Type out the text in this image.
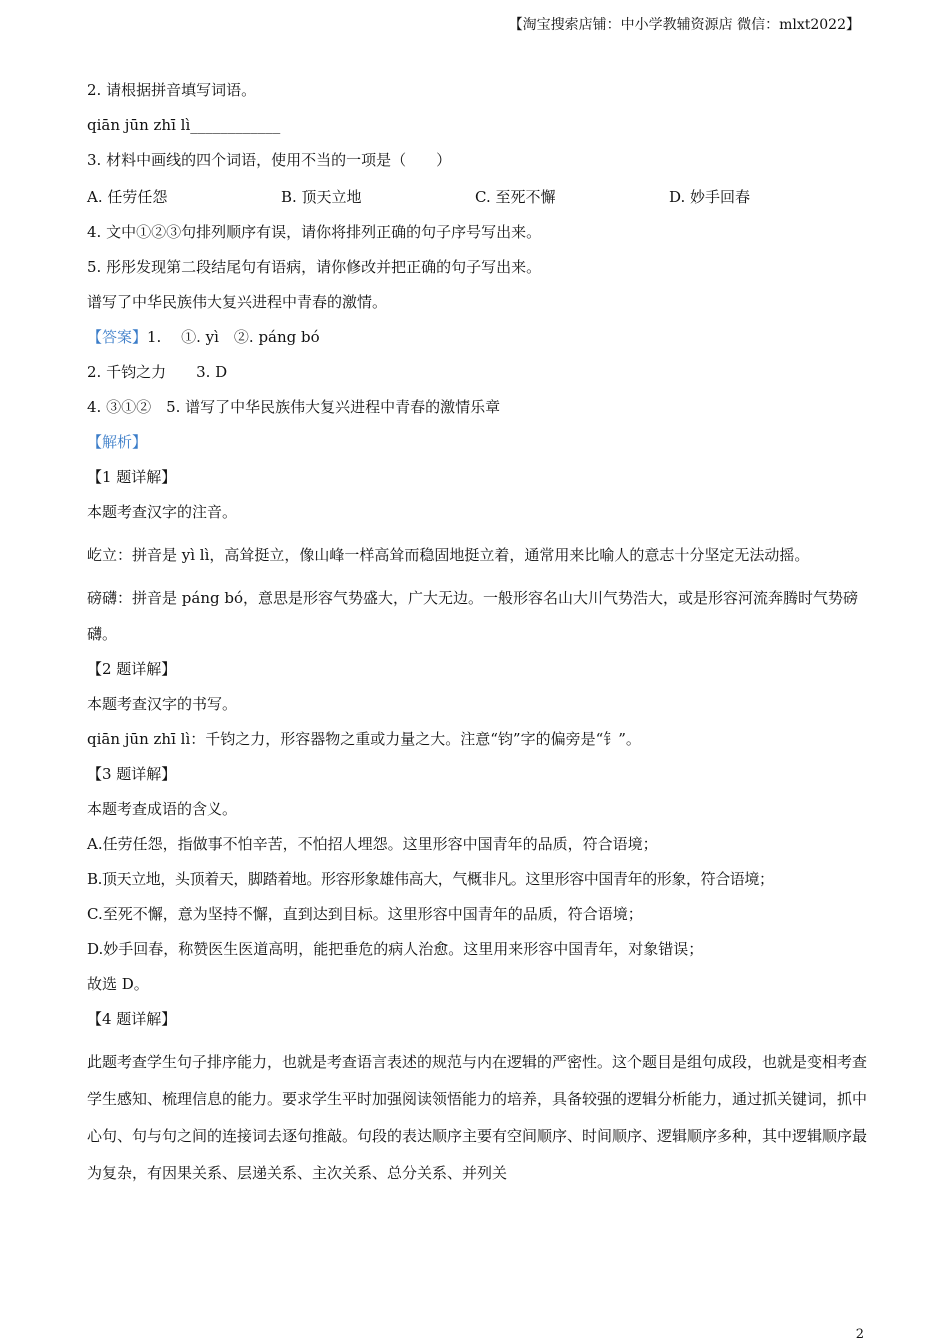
【淘宝搜索店铺：中小学教辅资源店 微信：mlxt2022】

2. 请根据拼音填写词语。

qiān jūn zhī lì____________

3. 材料中画线的四个词语，使用不当的一项是（　　）

A. 任劳任怨	B. 顶天立地	C. 至死不懈	D. 妙手回春

4. 文中①②③句排列顺序有误，请你将排列正确的句子序号写出来。

5. 彤彤发现第二段结尾句有语病，请你修改并把正确的句子写出来。

谱写了中华民族伟大复兴进程中青春的激情。

【答案】1.　 ①. yì　②. páng bó

2. 千钧之力　　3. D

4. ③①②　5. 谱写了中华民族伟大复兴进程中青春的激情乐章

【解析】

【1 题详解】

本题考查汉字的注音。

屹立：拼音是 yì lì，高耸挺立，像山峰一样高耸而稳固地挺立着，通常用来比喻人的意志十分坚定无法动摇。

磅礴：拼音是 páng bó，意思是形容气势盛大，广大无边。一般形容名山大川气势浩大，或是形容河流奔腾时气势磅礴。

【2 题详解】

本题考查汉字的书写。

qiān jūn zhī lì：千钧之力，形容器物之重或力量之大。注意“钧”字的偏旁是“钅”。

【3 题详解】

本题考查成语的含义。

A.任劳任怨，指做事不怕辛苦，不怕招人埋怨。这里形容中国青年的品质，符合语境；

B.顶天立地，头顶着天，脚踏着地。形容形象雄伟高大，气概非凡。这里形容中国青年的形象，符合语境；

C.至死不懈，意为坚持不懈，直到达到目标。这里形容中国青年的品质，符合语境；

D.妙手回春，称赞医生医道高明，能把垂危的病人治愈。这里用来形容中国青年，对象错误；

故选 D。

【4 题详解】

此题考查学生句子排序能力，也就是考查语言表述的规范与内在逻辑的严密性。这个题目是组句成段，也就是变相考查学生感知、梳理信息的能力。要求学生平时加强阅读领悟能力的培养，具备较强的逻辑分析能力，通过抓关键词，抓中心句、句与句之间的连接词去逐句推敲。句段的表达顺序主要有空间顺序、时间顺序、逻辑顺序多种，其中逻辑顺序最为复杂，有因果关系、层递关系、主次关系、总分关系、并列关

2
